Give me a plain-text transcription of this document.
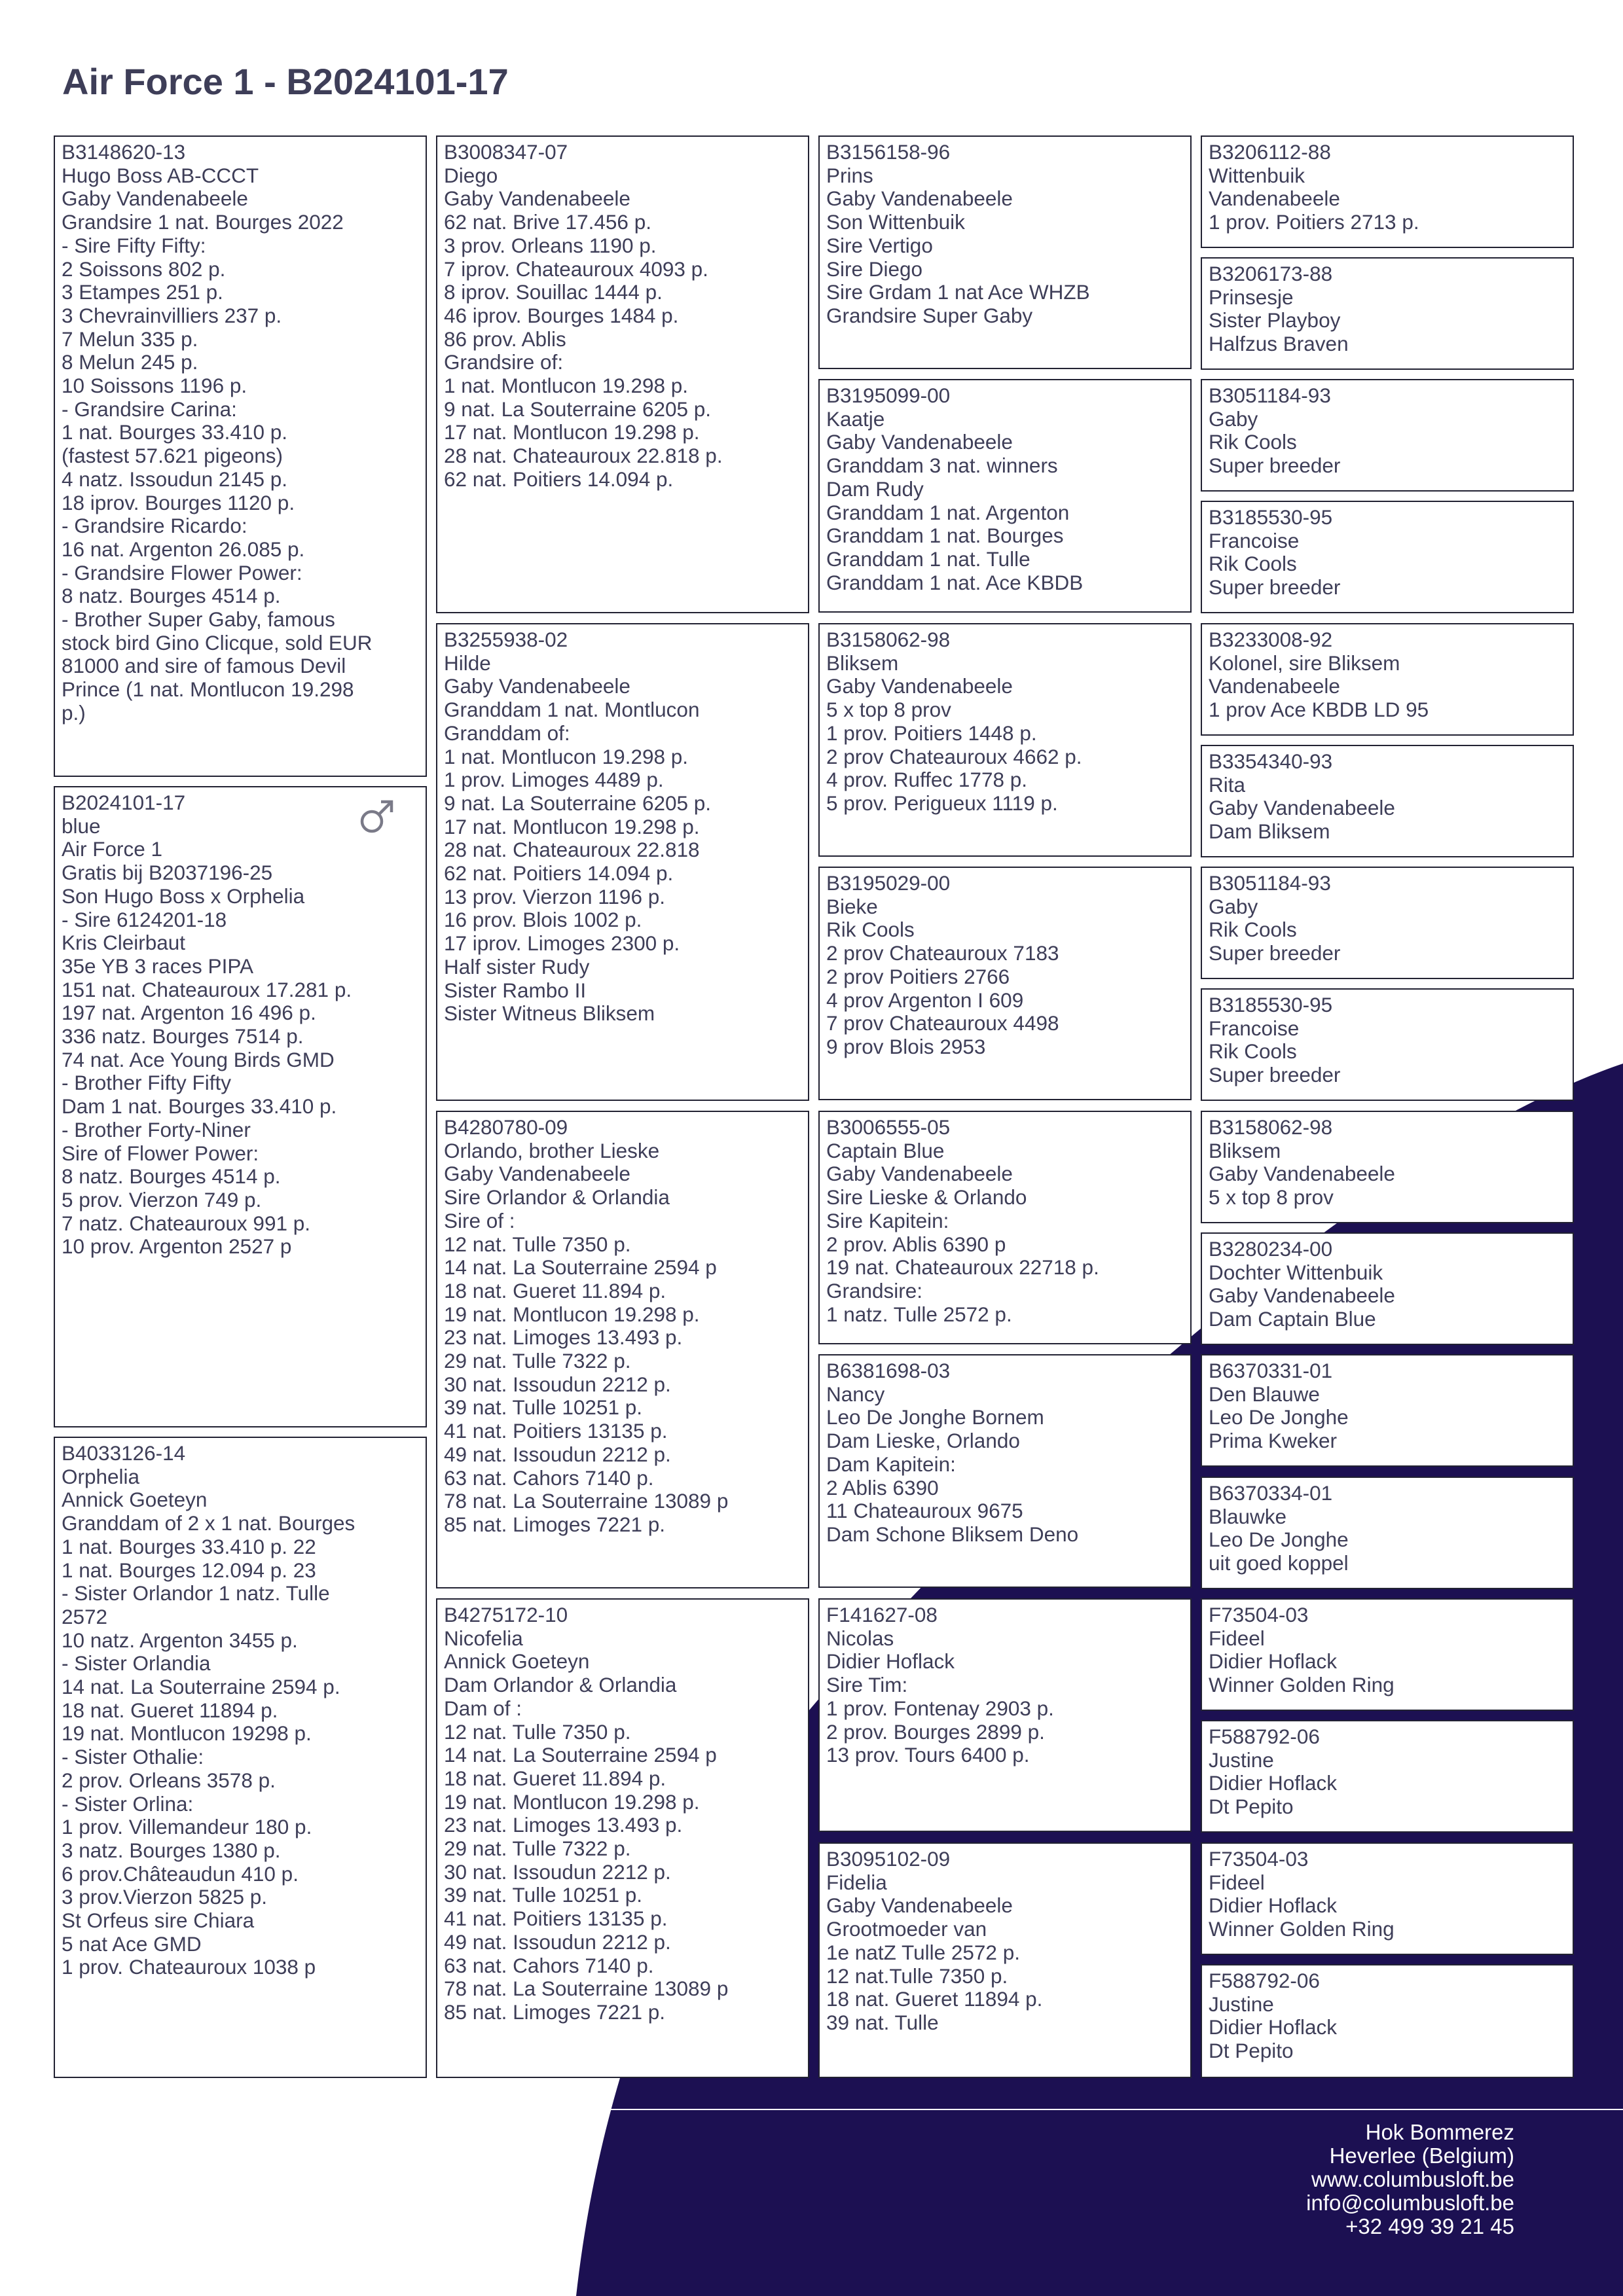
Air Force 1 - B2024101-17
B3148620-13
Hugo Boss AB-CCCT
Gaby Vandenabeele
Grandsire 1 nat. Bourges 2022
- Sire Fifty Fifty:
2 Soissons 802 p.
3 Etampes 251 p.
3 Chevrainvilliers 237 p.
7 Melun 335 p.
8 Melun 245 p.
10 Soissons 1196 p.
- Grandsire Carina:
1 nat. Bourges 33.410 p.
(fastest 57.621 pigeons)
4 natz. Issoudun 2145 p.
18 iprov. Bourges 1120 p.
- Grandsire Ricardo:
16 nat. Argenton 26.085 p.
- Grandsire Flower Power:
8 natz. Bourges 4514 p.
- Brother Super Gaby, famous
stock bird Gino Clicque, sold EUR
81000 and sire of famous Devil
Prince (1 nat. Montlucon 19.298
p.)
B2024101-17
blue
Air Force 1
Gratis bij B2037196-25
Son Hugo Boss x Orphelia
- Sire 6124201-18
Kris Cleirbaut
35e YB 3 races PIPA
151 nat. Chateauroux 17.281 p.
197 nat. Argenton 16 496 p.
336 natz. Bourges 7514 p.
74 nat. Ace Young Birds GMD
- Brother Fifty Fifty
Dam 1 nat. Bourges 33.410 p.
- Brother Forty-Niner
Sire of Flower Power:
8 natz. Bourges 4514 p.
5 prov. Vierzon 749 p.
7 natz. Chateauroux 991 p.
10 prov. Argenton 2527 p
B4033126-14
Orphelia
Annick Goeteyn
Granddam of 2 x 1 nat. Bourges
1 nat. Bourges 33.410 p. 22
1 nat. Bourges 12.094 p. 23
- Sister Orlandor 1 natz. Tulle
2572
10 natz. Argenton 3455 p.
- Sister Orlandia
14 nat. La Souterraine 2594 p.
18 nat. Gueret 11894 p.
19 nat. Montlucon 19298 p.
- Sister Othalie:
2 prov. Orleans 3578 p.
- Sister Orlina:
1 prov. Villemandeur 180 p.
3 natz. Bourges 1380 p.
6 prov.Châteaudun 410 p.
3 prov.Vierzon 5825 p.
St Orfeus sire Chiara
5 nat Ace GMD
1 prov. Chateauroux 1038 p
B3008347-07
Diego
Gaby Vandenabeele
62 nat. Brive 17.456 p.
3 prov. Orleans 1190 p.
7 iprov. Chateauroux 4093 p.
8 iprov. Souillac 1444 p.
46 iprov. Bourges 1484 p.
86 prov. Ablis
Grandsire of:
1 nat. Montlucon 19.298 p.
9 nat. La Souterraine 6205 p.
17 nat. Montlucon 19.298 p.
28 nat. Chateauroux 22.818 p.
62 nat. Poitiers 14.094 p.
B3255938-02
Hilde
Gaby Vandenabeele
Granddam 1 nat. Montlucon
Granddam of:
1 nat. Montlucon 19.298 p.
1 prov. Limoges 4489 p.
9 nat. La Souterraine 6205 p.
17 nat. Montlucon 19.298 p.
28 nat. Chateauroux 22.818
62 nat. Poitiers 14.094 p.
13 prov. Vierzon 1196 p.
16 prov. Blois 1002 p.
17 iprov. Limoges 2300 p.
Half sister Rudy
Sister Rambo II
Sister Witneus Bliksem
B4280780-09
Orlando, brother Lieske
Gaby Vandenabeele
Sire Orlandor & Orlandia
Sire of :
12 nat. Tulle 7350 p.
14 nat. La Souterraine 2594 p
18 nat. Gueret 11.894 p.
19 nat. Montlucon 19.298 p.
23 nat. Limoges 13.493 p.
29 nat. Tulle 7322 p.
30 nat. Issoudun 2212 p.
39 nat. Tulle 10251 p.
41 nat. Poitiers 13135 p.
49 nat. Issoudun 2212 p.
63 nat. Cahors 7140 p.
78 nat. La Souterraine 13089 p
85 nat. Limoges 7221 p.
B4275172-10
Nicofelia
Annick Goeteyn
Dam Orlandor & Orlandia
Dam of :
12 nat. Tulle 7350 p.
14 nat. La Souterraine 2594 p
18 nat. Gueret 11.894 p.
19 nat. Montlucon 19.298 p.
23 nat. Limoges 13.493 p.
29 nat. Tulle 7322 p.
30 nat. Issoudun 2212 p.
39 nat. Tulle 10251 p.
41 nat. Poitiers 13135 p.
49 nat. Issoudun 2212 p.
63 nat. Cahors 7140 p.
78 nat. La Souterraine 13089 p
85 nat. Limoges 7221 p.
B3156158-96
Prins
Gaby Vandenabeele
Son Wittenbuik
Sire Vertigo
Sire Diego
Sire Grdam 1 nat Ace WHZB
Grandsire Super Gaby
B3195099-00
Kaatje
Gaby Vandenabeele
Granddam 3 nat. winners
Dam Rudy
Granddam 1 nat. Argenton
Granddam 1 nat. Bourges
Granddam 1 nat. Tulle
Granddam 1 nat. Ace KBDB
B3158062-98
Bliksem
Gaby Vandenabeele
5 x top 8 prov
1 prov. Poitiers 1448 p.
2 prov Chateauroux 4662 p.
4 prov. Ruffec 1778 p.
5 prov. Perigueux 1119 p.
B3195029-00
Bieke
Rik Cools
2 prov Chateauroux 7183
2 prov Poitiers 2766
4 prov Argenton I 609
7 prov Chateauroux 4498
9 prov Blois 2953
B3006555-05
Captain Blue
Gaby Vandenabeele
Sire Lieske & Orlando
Sire Kapitein:
2 prov. Ablis 6390 p
19 nat. Chateauroux 22718 p.
Grandsire:
1 natz. Tulle 2572 p.
B6381698-03
Nancy
Leo De Jonghe Bornem
Dam Lieske, Orlando
Dam Kapitein:
2 Ablis 6390
11 Chateauroux 9675
Dam Schone Bliksem Deno
F141627-08
Nicolas
Didier Hoflack
Sire Tim:
1 prov. Fontenay 2903 p.
2 prov. Bourges 2899 p.
13 prov. Tours 6400 p.
B3095102-09
Fidelia
Gaby Vandenabeele
Grootmoeder van
1e natZ Tulle 2572 p.
12 nat.Tulle 7350 p.
18 nat. Gueret 11894 p.
39 nat. Tulle
B3206112-88
Wittenbuik
Vandenabeele
1 prov. Poitiers 2713 p.
B3206173-88
Prinsesje
Sister Playboy
Halfzus Braven
B3051184-93
Gaby
Rik Cools
Super breeder
B3185530-95
Francoise
Rik Cools
Super breeder
B3233008-92
Kolonel, sire Bliksem
Vandenabeele
1 prov Ace KBDB LD 95
B3354340-93
Rita
Gaby Vandenabeele
Dam Bliksem
B3051184-93
Gaby
Rik Cools
Super breeder
B3185530-95
Francoise
Rik Cools
Super breeder
B3158062-98
Bliksem
Gaby Vandenabeele
5 x top 8 prov
B3280234-00
Dochter Wittenbuik
Gaby Vandenabeele
Dam Captain Blue
B6370331-01
Den Blauwe
Leo De Jonghe
Prima Kweker
B6370334-01
Blauwke
Leo De Jonghe
uit goed koppel
F73504-03
Fideel
Didier Hoflack
Winner Golden Ring
F588792-06
Justine
Didier Hoflack
Dt Pepito
F73504-03
Fideel
Didier Hoflack
Winner Golden Ring
F588792-06
Justine
Didier Hoflack
Dt Pepito
Hok Bommerez
Heverlee (Belgium)
www.columbusloft.be
info@columbusloft.be
+32 499 39 21 45
